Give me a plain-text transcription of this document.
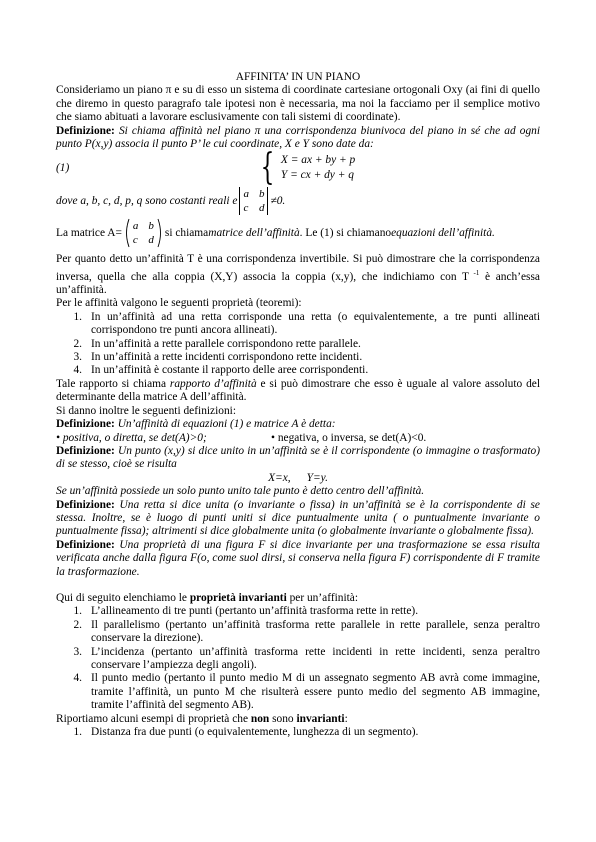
AFFINITA’ IN UN PIANO

Consideriamo un piano π e su di esso un sistema di coordinate cartesiane ortogonali Oxy (ai fini di quello che diremo in questo paragrafo tale ipotesi non è necessaria, ma noi la facciamo per il semplice motivo che siamo abituati a lavorare esclusivamente con tali sistemi di coordinate).

Definizione: Si chiama affinità nel piano π una corrispondenza biunivoca del piano in sé che ad ogni punto P(x,y) associa il punto P’ le cui coordinate, X e Y sono date da:

(1)	{ X = ax + by + p
Y = cx + dy + q

dove a, b, c, d, p, q sono costanti reali e
a b
c d
≠0.

La matrice A=
a b
c d
si chiama matrice dell’affinità . Le (1) si chiamano equazioni dell’affinità.

Per quanto detto un’affinità T è una corrispondenza invertibile. Si può dimostrare che la corrispondenza inversa, quella che alla coppia (X,Y) associa la coppia (x,y), che indichiamo con T $^{-1}$ è anch’essa un’affinità.

Per le affinità valgono le seguenti proprietà (teoremi):

1. In un’affinità ad una retta corrisponde una retta (o equivalentemente, a tre punti allineati corrispondono tre punti ancora allineati).
2. In un’affinità a rette parallele corrispondono rette parallele.
3. In un’affinità a rette incidenti corrispondono rette incidenti.
4. In un’affinità è costante il rapporto delle aree corrispondenti.

Tale rapporto si chiama rapporto d’affinità e si può dimostrare che esso è uguale al valore assoluto del determinante della matrice A dell’affinità.

Si danno inoltre le seguenti definizioni:

Definizione: Un’affinità di equazioni (1) e matrice A è detta:

• positiva, o diretta, se det(A)>0;	• negativa, o inversa, se det(A)<0.

Definizione: Un punto (x,y) si dice unito in un’affinità se è il corrispondente (o immagine o trasformato) di se stesso, cioè se risulta

X=x, Y=y.

Se un’affinità possiede un solo punto unito tale punto è detto centro dell’affinità.

Definizione: Una retta si dice unita (o invariante o fissa) in un’affinità se è la corrispondente di se stessa. Inoltre, se è luogo di punti uniti si dice puntualmente unita ( o puntualmente invariante o puntualmente fissa); altrimenti si dice globalmente unita (o globalmente invariante o globalmente fissa).

Definizione: Una proprietà di una figura F si dice invariante per una trasformazione se essa risulta verificata anche dalla figura F(o, come suol dirsi, si conserva nella figura F) corrispondente di F tramite la trasformazione.

Qui di seguito elenchiamo le proprietà invarianti per un’affinità:

1. L’allineamento di tre punti (pertanto un’affinità trasforma rette in rette).
2. Il parallelismo (pertanto un’affinità trasforma rette parallele in rette parallele, senza peraltro conservare la direzione).
3. L’incidenza (pertanto un’affinità trasforma rette incidenti in rette incidenti, senza peraltro conservare l’ampiezza degli angoli).
4. Il punto medio (pertanto il punto medio M di un assegnato segmento AB avrà come immagine, tramite l’affinità, un punto M che risulterà essere punto medio del segmento AB immagine, tramite l’affinità del segmento AB).

Riportiamo alcuni esempi di proprietà che non sono invarianti:

1. Distanza fra due punti (o equivalentemente, lunghezza di un segmento).
